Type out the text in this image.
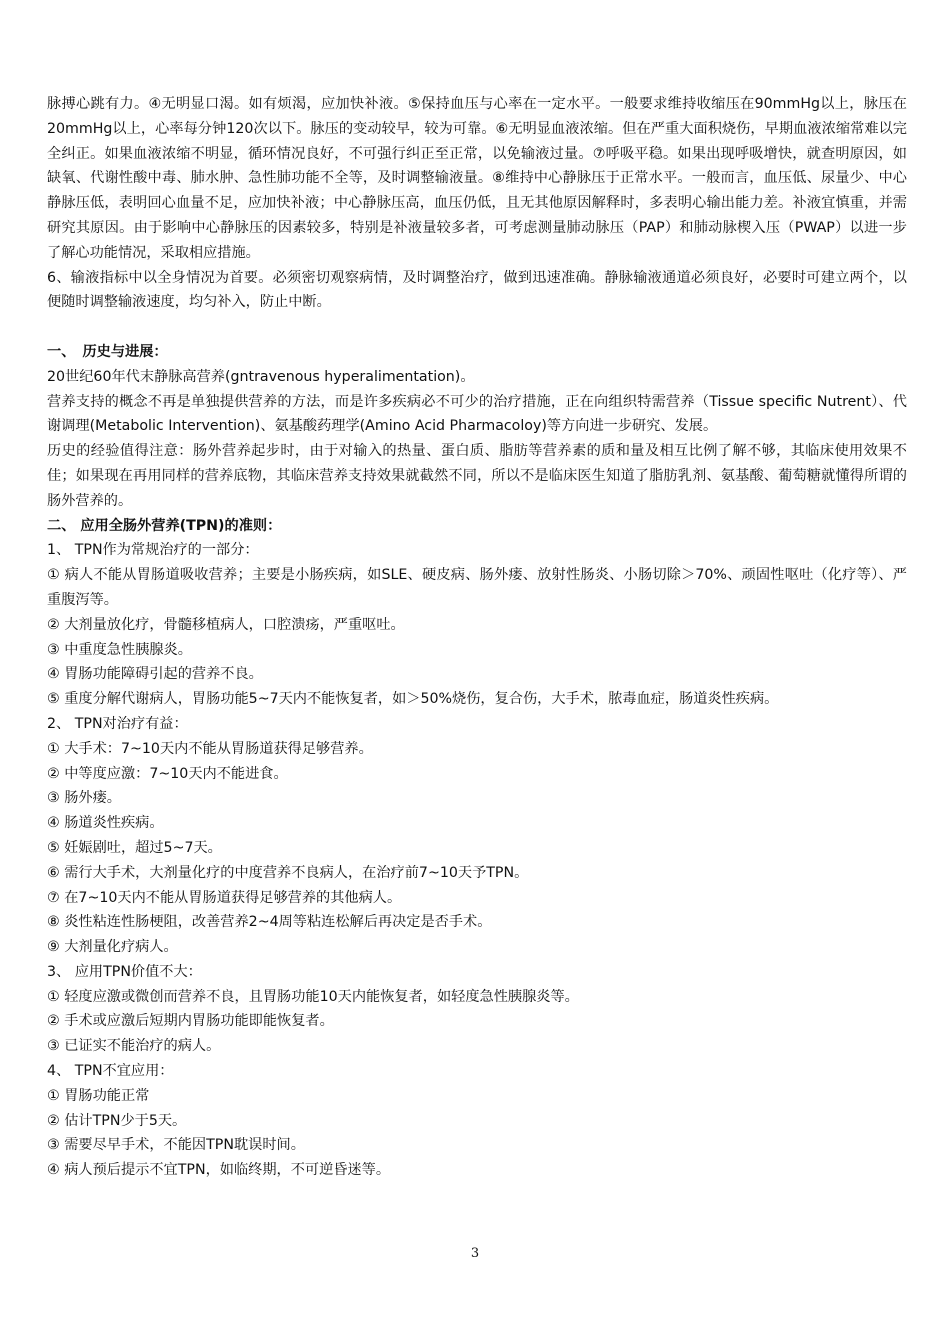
脉搏心跳有力。④无明显口渴。如有烦渴，应加快补液。⑤保持血压与心率在一定水平。一般要求维持收缩压在90mmHg以上，脉压在20mmHg以上，心率每分钟120次以下。脉压的变动较早，较为可靠。⑥无明显血液浓缩。但在严重大面积烧伤，早期血液浓缩常难以完全纠正。如果血液浓缩不明显，循环情况良好，不可强行纠正至正常，以免输液过量。⑦呼吸平稳。如果出现呼吸增快，就查明原因，如缺氧、代谢性酸中毒、肺水肿、急性肺功能不全等，及时调整输液量。⑧维持中心静脉压于正常水平。一般而言，血压低、尿量少、中心静脉压低，表明回心血量不足，应加快补液；中心静脉压高，血压仍低，且无其他原因解释时，多表明心输出能力差。补液宜慎重，并需研究其原因。由于影响中心静脉压的因素较多，特别是补液量较多者，可考虑测量肺动脉压（PAP）和肺动脉楔入压（PWAP）以进一步了解心功能情况，采取相应措施。

6、输液指标中以全身情况为首要。必须密切观察病情，及时调整治疗，做到迅速准确。静脉输液通道必须良好，必要时可建立两个，以便随时调整输液速度，均匀补入，防止中断。

一、　历史与进展：

20世纪60年代末静脉高营养(gntravenous hyperalimentation)。

营养支持的概念不再是单独提供营养的方法，而是许多疾病必不可少的治疗措施，正在向组织特需营养（Tissue specific Nutrent）、代谢调理(Metabolic Intervention)、氨基酸药理学(Amino Acid Pharmacoloy)等方向进一步研究、发展。

历史的经验值得注意：肠外营养起步时，由于对输入的热量、蛋白质、脂肪等营养素的质和量及相互比例了解不够，其临床使用效果不佳；如果现在再用同样的营养底物，其临床营养支持效果就截然不同，所以不是临床医生知道了脂肪乳剂、氨基酸、葡萄糖就懂得所谓的肠外营养的。

二、 应用全肠外营养(TPN)的准则：

1、 TPN作为常规治疗的一部分：

① 病人不能从胃肠道吸收营养；主要是小肠疾病，如SLE、硬皮病、肠外瘘、放射性肠炎、小肠切除＞70%、顽固性呕吐（化疗等）、严重腹泻等。

② 大剂量放化疗，骨髓移植病人，口腔溃疡，严重呕吐。

③ 中重度急性胰腺炎。

④ 胃肠功能障碍引起的营养不良。

⑤ 重度分解代谢病人，胃肠功能5~7天内不能恢复者，如＞50%烧伤，复合伤，大手术，脓毒血症，肠道炎性疾病。

2、 TPN对治疗有益：

① 大手术：7~10天内不能从胃肠道获得足够营养。

② 中等度应激：7~10天内不能进食。

③ 肠外瘘。

④ 肠道炎性疾病。

⑤ 妊娠剧吐，超过5~7天。

⑥ 需行大手术，大剂量化疗的中度营养不良病人，在治疗前7~10天予TPN。

⑦ 在7~10天内不能从胃肠道获得足够营养的其他病人。

⑧ 炎性粘连性肠梗阻，改善营养2~4周等粘连松解后再决定是否手术。

⑨ 大剂量化疗病人。

3、 应用TPN价值不大：

① 轻度应激或微创而营养不良，且胃肠功能10天内能恢复者，如轻度急性胰腺炎等。

② 手术或应激后短期内胃肠功能即能恢复者。

③ 已证实不能治疗的病人。

4、 TPN不宜应用：

① 胃肠功能正常

② 估计TPN少于5天。

③ 需要尽早手术，不能因TPN耽误时间。

④ 病人预后提示不宜TPN，如临终期，不可逆昏迷等。

3
